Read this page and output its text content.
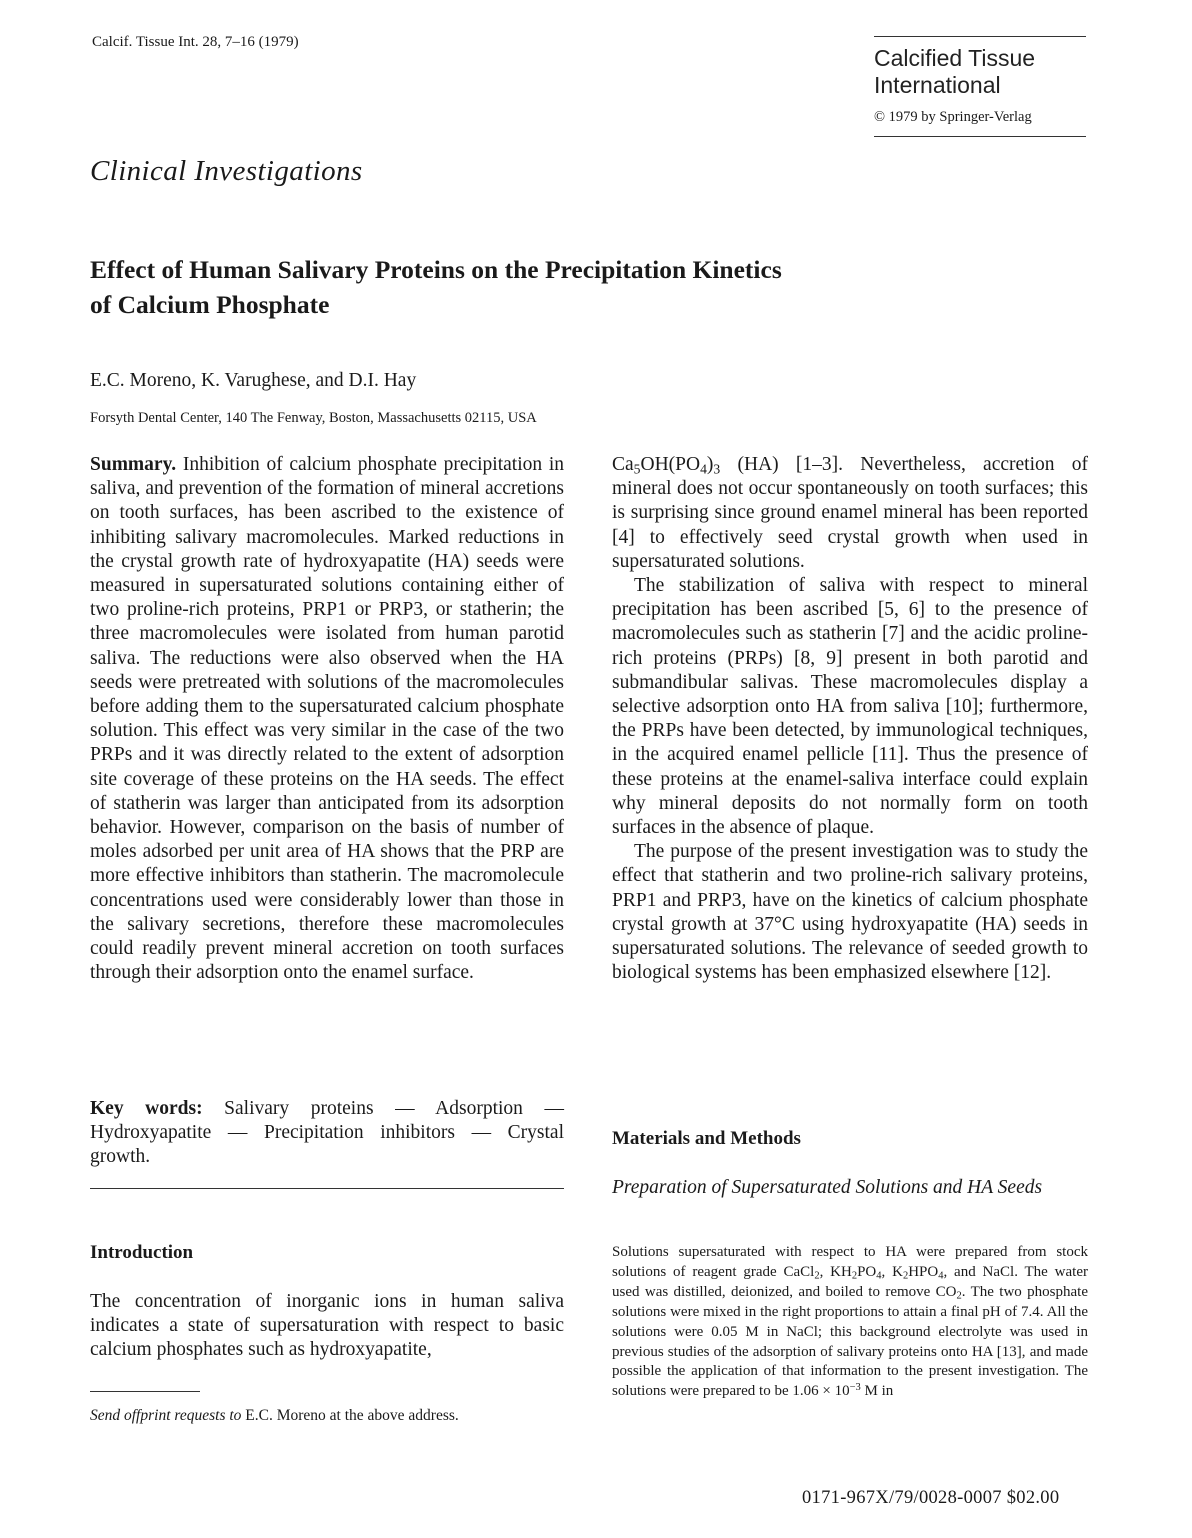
Calcif. Tissue Int. 28, 7–16 (1979)
Calcified Tissue
International
© 1979 by Springer-Verlag
Clinical Investigations
Effect of Human Salivary Proteins on the Precipitation Kinetics
of Calcium Phosphate
E.C. Moreno, K. Varughese, and D.I. Hay
Forsyth Dental Center, 140 The Fenway, Boston, Massachusetts 02115, USA

Summary. Inhibition of calcium phosphate precipitation in saliva, and prevention of the formation of mineral accretions on tooth surfaces, has been ascribed to the existence of inhibiting salivary macromolecules. Marked reductions in the crystal growth rate of hydroxyapatite (HA) seeds were measured in supersaturated solutions containing either of two proline-rich proteins, PRP1 or PRP3, or statherin; the three macromolecules were isolated from human parotid saliva. The reductions were also observed when the HA seeds were pretreated with solutions of the macromolecules before adding them to the supersaturated calcium phosphate solution. This effect was very similar in the case of the two PRPs and it was directly related to the extent of adsorption site coverage of these proteins on the HA seeds. The effect of statherin was larger than anticipated from its adsorption behavior. However, comparison on the basis of number of moles adsorbed per unit area of HA shows that the PRP are more effective inhibitors than statherin. The macromolecule concentrations used were considerably lower than those in the salivary secretions, therefore these macromolecules could readily prevent mineral accretion on tooth surfaces through their adsorption onto the enamel surface.

Key words: Salivary proteins — Adsorption — Hydroxyapatite — Precipitation inhibitors — Crystal growth.

Introduction

The concentration of inorganic ions in human saliva indicates a state of supersaturation with respect to basic calcium phosphates such as hydroxyapatite,

Send offprint requests to E.C. Moreno at the above address.

$Ca_5OH(PO_4)_3$ (HA) [1–3]. Nevertheless, accretion of mineral does not occur spontaneously on tooth surfaces; this is surprising since ground enamel mineral has been reported [4] to effectively seed crystal growth when used in supersaturated solutions.

The stabilization of saliva with respect to mineral precipitation has been ascribed [5, 6] to the presence of macromolecules such as statherin [7] and the acidic proline-rich proteins (PRPs) [8, 9] present in both parotid and submandibular salivas. These macromolecules display a selective adsorption onto HA from saliva [10]; furthermore, the PRPs have been detected, by immunological techniques, in the acquired enamel pellicle [11]. Thus the presence of these proteins at the enamel-saliva interface could explain why mineral deposits do not normally form on tooth surfaces in the absence of plaque.

The purpose of the present investigation was to study the effect that statherin and two proline-rich salivary proteins, PRP1 and PRP3, have on the kinetics of calcium phosphate crystal growth at 37°C using hydroxyapatite (HA) seeds in supersaturated solutions. The relevance of seeded growth to biological systems has been emphasized elsewhere [12].

Materials and Methods
Preparation of Supersaturated Solutions and HA Seeds
Solutions supersaturated with respect to HA were prepared from stock solutions of reagent grade CaCl$_2$, $KH_2PO_4$, $K_2HPO_4$, and NaCl. The water used was distilled, deionized, and boiled to remove $CO_2$. The two phosphate solutions were mixed in the right proportions to attain a final pH of 7.4. All the solutions were 0.05 M in NaCl; this background electrolyte was used in previous studies of the adsorption of salivary proteins onto HA [13], and made possible the application of that information to the present investigation. The solutions were prepared to be $1.06 \times 10^{-3}$ M in
0171-967X/79/0028-0007 $02.00
